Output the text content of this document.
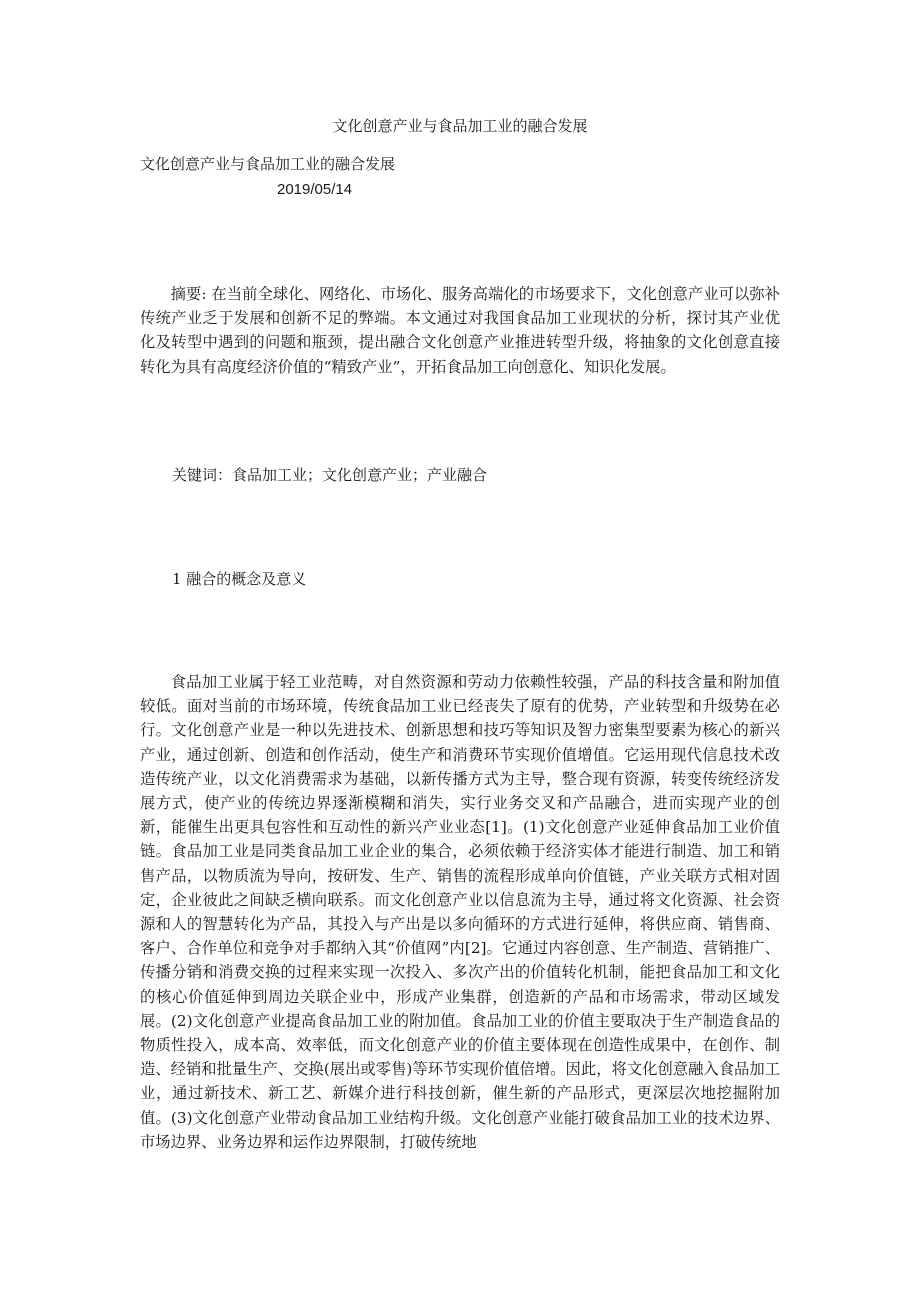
文化创意产业与食品加工业的融合发展
文化创意产业与食品加工业的融合发展
2019/05/14

摘要: 在当前全球化、网络化、市场化、服务高端化的市场要求下，文化创意产业可以弥补传统产业乏于发展和创新不足的弊端。本文通过对我国食品加工业现状的分析，探讨其产业优化及转型中遇到的问题和瓶颈，提出融合文化创意产业推进转型升级，将抽象的文化创意直接转化为具有高度经济价值的“精致产业”，开拓食品加工向创意化、知识化发展。

关键词：食品加工业；文化创意产业；产业融合
1 融合的概念及意义

食品加工业属于轻工业范畴，对自然资源和劳动力依赖性较强，产品的科技含量和附加值较低。面对当前的市场环境，传统食品加工业已经丧失了原有的优势，产业转型和升级势在必行。文化创意产业是一种以先进技术、创新思想和技巧等知识及智力密集型要素为核心的新兴产业，通过创新、创造和创作活动，使生产和消费环节实现价值增值。它运用现代信息技术改造传统产业，以文化消费需求为基础，以新传播方式为主导，整合现有资源，转变传统经济发展方式，使产业的传统边界逐渐模糊和消失，实行业务交叉和产品融合，进而实现产业的创新，能催生出更具包容性和互动性的新兴产业业态[1]。(1)文化创意产业延伸食品加工业价值链。食品加工业是同类食品加工业企业的集合，必须依赖于经济实体才能进行制造、加工和销售产品，以物质流为导向，按研发、生产、销售的流程形成单向价值链，产业关联方式相对固定，企业彼此之间缺乏横向联系。而文化创意产业以信息流为主导，通过将文化资源、社会资源和人的智慧转化为产品，其投入与产出是以多向循环的方式进行延伸，将供应商、销售商、客户、合作单位和竞争对手都纳入其“价值网”内[2]。它通过内容创意、生产制造、营销推广、传播分销和消费交换的过程来实现一次投入、多次产出的价值转化机制，能把食品加工和文化的核心价值延伸到周边关联企业中，形成产业集群，创造新的产品和市场需求，带动区域发展。(2)文化创意产业提高食品加工业的附加值。食品加工业的价值主要取决于生产制造食品的物质性投入，成本高、效率低，而文化创意产业的价值主要体现在创造性成果中，在创作、制造、经销和批量生产、交换(展出或零售)等环节实现价值倍增。因此，将文化创意融入食品加工业，通过新技术、新工艺、新媒介进行科技创新，催生新的产品形式，更深层次地挖掘附加值。(3)文化创意产业带动食品加工业结构升级。文化创意产业能打破食品加工业的技术边界、市场边界、业务边界和运作边界限制，打破传统地
